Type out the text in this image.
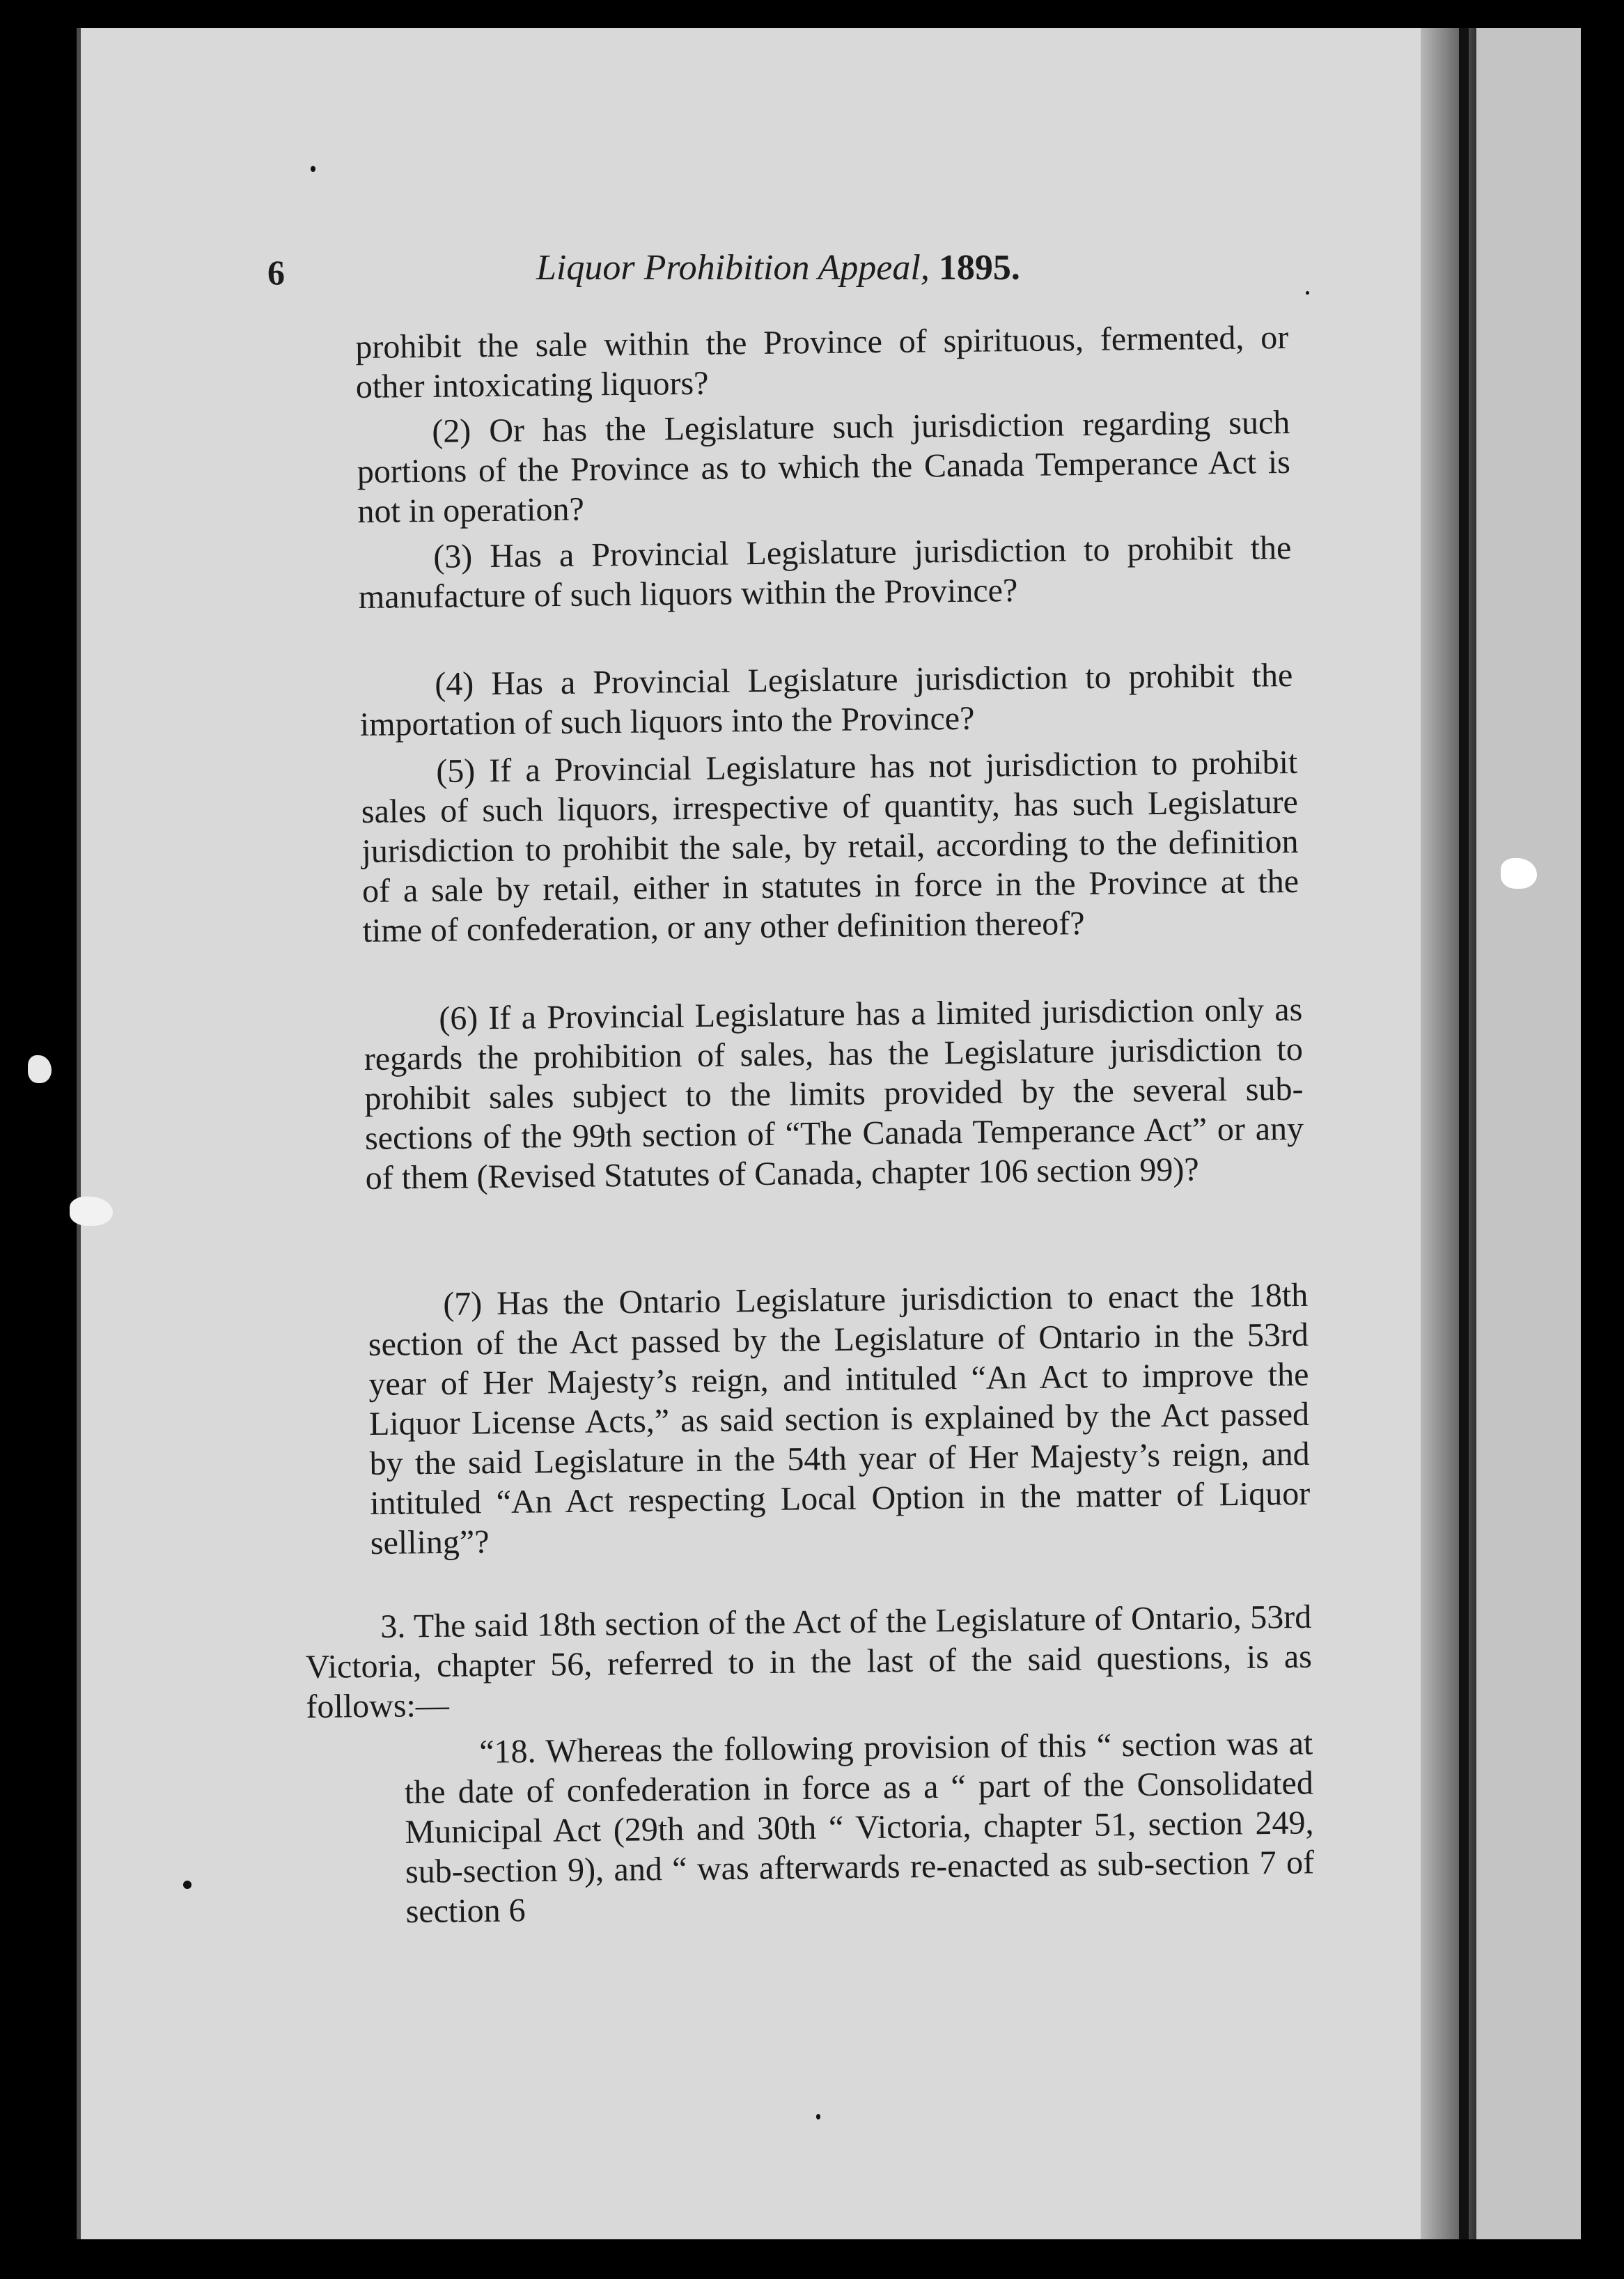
6	Liquor Prohibition Appeal, 1895.
prohibit the sale within the Province of spirituous, fermented, or other intoxicating liquors?
(2) Or has the Legislature such jurisdiction regarding such portions of the Province as to which the Canada Temperance Act is not in operation?
(3) Has a Provincial Legislature jurisdiction to prohibit the manufacture of such liquors within the Province?
(4) Has a Provincial Legislature jurisdiction to prohibit the importation of such liquors into the Province?
(5) If a Provincial Legislature has not jurisdiction to prohibit sales of such liquors, irrespective of quantity, has such Legislature jurisdiction to prohibit the sale, by retail, according to the definition of a sale by retail, either in statutes in force in the Province at the time of confederation, or any other definition thereof?
(6) If a Provincial Legislature has a limited jurisdiction only as regards the prohibition of sales, has the Legislature jurisdiction to prohibit sales subject to the limits provided by the several sub-sections of the 99th section of “The Canada Temperance Act” or any of them (Revised Statutes of Canada, chapter 106 section 99)?
(7) Has the Ontario Legislature jurisdiction to enact the 18th section of the Act passed by the Legislature of Ontario in the 53rd year of Her Majesty’s reign, and intituled “An Act to improve the Liquor License Acts,” as said section is explained by the Act passed by the said Legislature in the 54th year of Her Majesty’s reign, and intituled “An Act respecting Local Option in the matter of Liquor selling”?
3. The said 18th section of the Act of the Legislature of Ontario, 53rd Victoria, chapter 56, referred to in the last of the said questions, is as follows:—
“18. Whereas the following provision of this “ section was at the date of confederation in force as a “ part of the Consolidated Municipal Act (29th and 30th “ Victoria, chapter 51, section 249, sub-section 9), and “ was afterwards re-enacted as sub-section 7 of section 6
